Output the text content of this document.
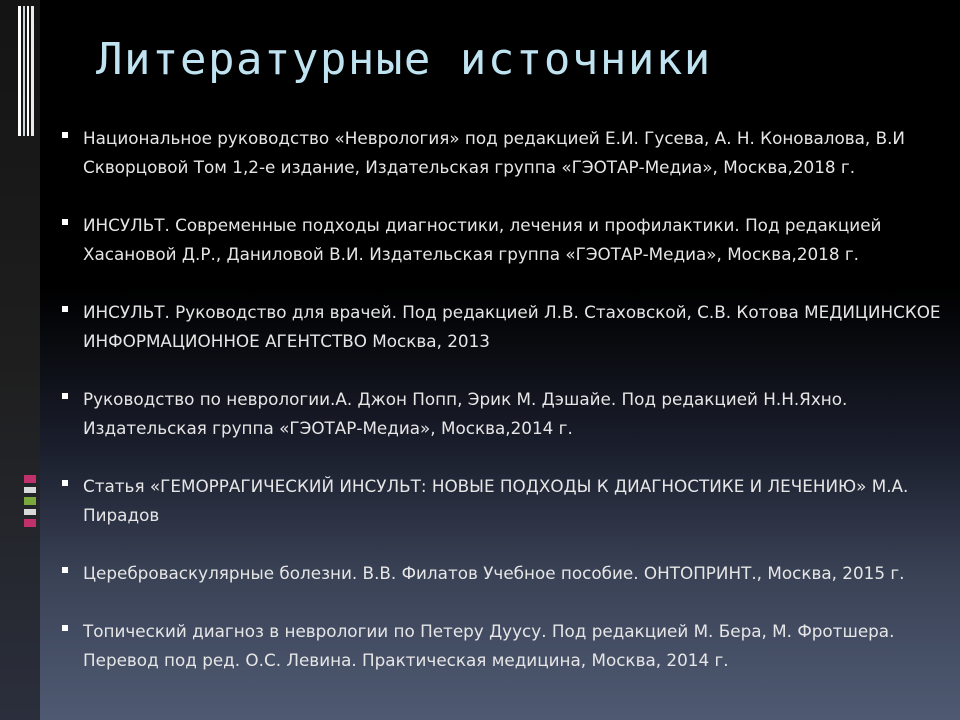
Литературные источники
Национальное руководство «Неврология» под редакцией Е.И. Гусева, А. Н. Коновалова, В.И Скворцовой Том 1,2-е издание, Издательская группа «ГЭОТАР-Медиа», Москва,2018 г.
ИНСУЛЬТ. Современные подходы диагностики, лечения и профилактики. Под редакцией Хасановой Д.Р., Даниловой В.И. Издательская группа «ГЭОТАР-Медиа», Москва,2018 г.
ИНСУЛЬТ. Руководство для врачей. Под редакцией Л.В. Стаховской, С.В. Котова МЕДИЦИНСКОЕ ИНФОРМАЦИОННОЕ АГЕНТСТВО Москва, 2013
Руководство по неврологии.А. Джон Попп, Эрик М. Дэшайе. Под редакцией Н.Н.Яхно. Издательская группа «ГЭОТАР-Медиа», Москва,2014 г.
Статья «ГЕМОРРАГИЧЕСКИЙ ИНСУЛЬТ: НОВЫЕ ПОДХОДЫ К ДИАГНОСТИКЕ И ЛЕЧЕНИЮ» М.А. Пирадов
Цереброваскулярные болезни. В.В. Филатов Учебное пособие. ОНТОПРИНТ., Москва, 2015 г.
Топический диагноз в неврологии по Петеру Дуусу. Под редакцией М. Бера, М. Фротшера. Перевод под ред. О.С. Левина. Практическая медицина, Москва, 2014 г.
